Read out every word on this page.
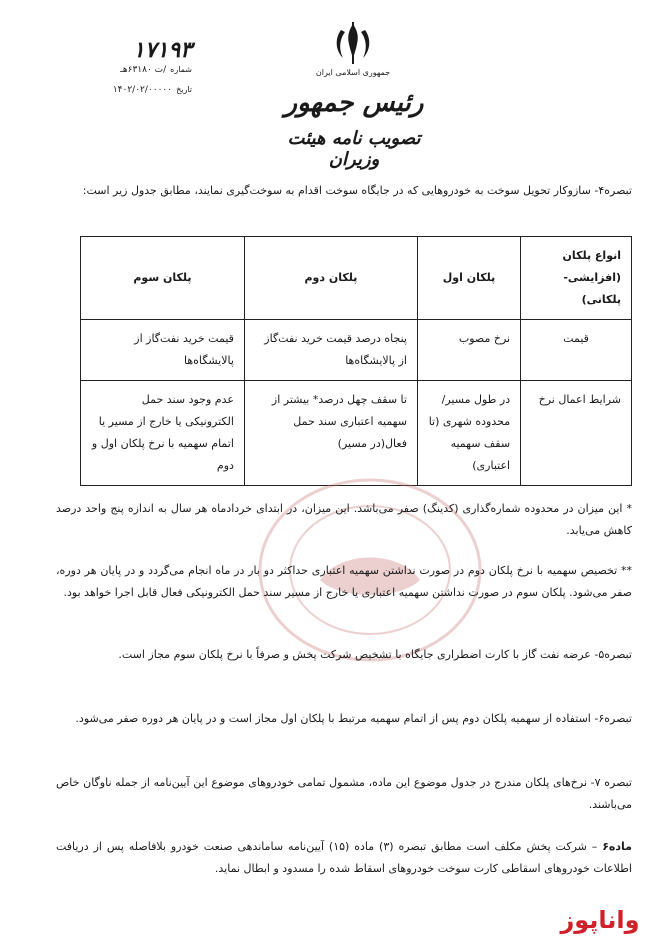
جمهوری اسلامی ایران
رئیس جمهور
تصویب نامه هیئت وزیران
۱۷۱۹۳
شماره
/ت ۶۳۱۸۰هـ
تاریخ
۱۴۰۲/۰۲/۰۰۰۰۰
تبصره۴- سازوکار تحویل سوخت به خودروهایی که در جایگاه سوخت اقدام به سوخت‌گیری نمایند، مطابق جدول زیر است:
انواع پلکان (افزایشی-پلکانی)	پلکان اول	پلکان دوم	پلکان سوم
قیمت	نرخ مصوب	پنجاه درصد قیمت خرید نفت‌گاز از پالایشگاه‌ها	قیمت خرید نفت‌گاز از پالایشگاه‌ها
شرایط اعمال نرخ	در طول مسیر/ محدوده شهری (تا سقف سهمیه اعتباری)	تا سقف چهل درصد* بیشتر از سهمیه اعتباری سند حمل فعال(در مسیر)	عدم وجود سند حمل الکترونیکی یا خارج از مسیر یا اتمام سهمیه با نرخ پلکان اول و دوم
* این میزان در محدوده شماره‌گذاری (کدینگ) صفر می‌باشد. این میزان، در ابتدای خردادماه هر سال به اندازه پنج واحد درصد کاهش می‌یابد.
** تخصیص سهمیه با نرخ پلکان دوم در صورت نداشتن سهمیه اعتباری حداکثر دو بار در ماه انجام می‌گردد و در پایان هر دوره، صفر می‌شود. پلکان سوم در صورت نداشتن سهمیه اعتباری یا خارج از مسیر سند حمل الکترونیکی فعال قابل اجرا خواهد بود.
تبصره۵- عرضه نفت گاز با کارت اضطراری جایگاه با تشخیص شرکت پخش و صرفاً با نرخ پلکان سوم مجاز است.
تبصره۶- استفاده از سهمیه پلکان دوم پس از اتمام سهمیه مرتبط با پلکان اول مجاز است و در پایان هر دوره صفر می‌شود.
تبصره ۷- نرخ‌های پلکان مندرج در جدول موضوع این ماده، مشمول تمامی خودروهای موضوع این آیین‌نامه از جمله ناوگان خاص می‌باشند.
ماده۶ – شرکت پخش مکلف است مطابق تبصره (۳) ماده (۱۵) آیین‌نامه ساماندهی صنعت خودرو بلافاصله پس از دریافت اطلاعات خودروهای اسقاطی کارت سوخت خودروهای اسقاط شده را مسدود و ابطال نماید.
واناپوز
